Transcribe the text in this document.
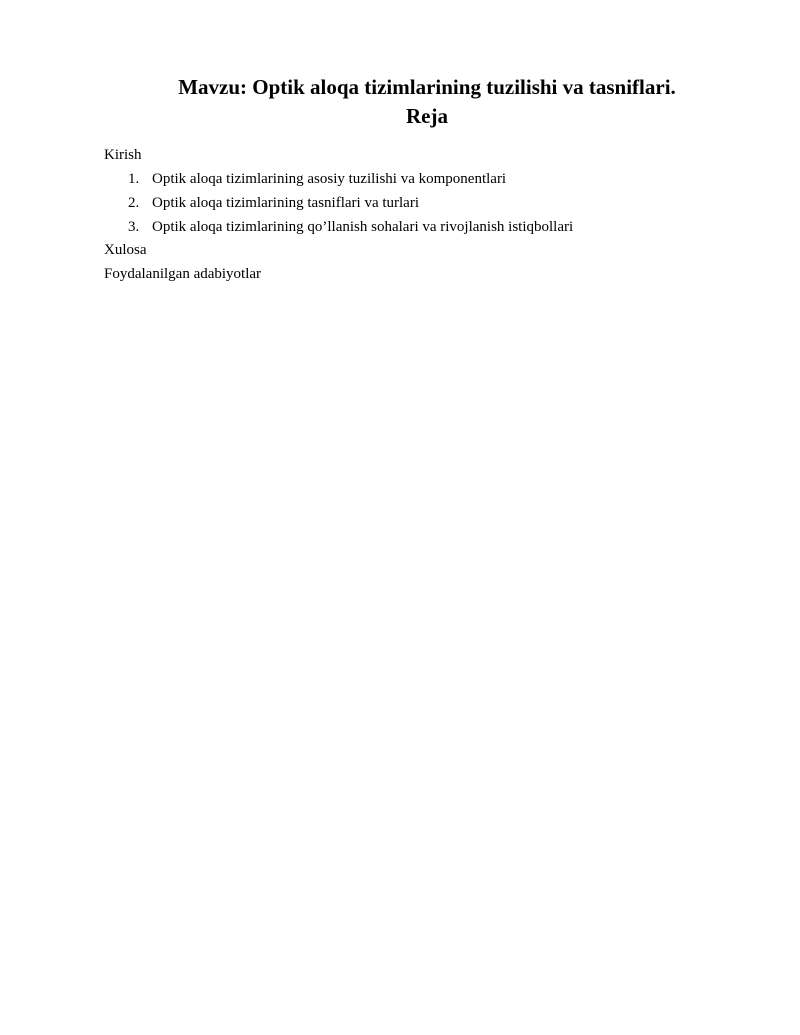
Mavzu: Optik aloqa tizimlarining tuzilishi va tasniflari.
Reja
Kirish
1. Optik aloqa tizimlarining asosiy tuzilishi va komponentlari
2. Optik aloqa tizimlarining tasniflari va turlari
3. Optik aloqa tizimlarining qo’llanish sohalari va rivojlanish istiqbollari
Xulosa
Foydalanilgan adabiyotlar
